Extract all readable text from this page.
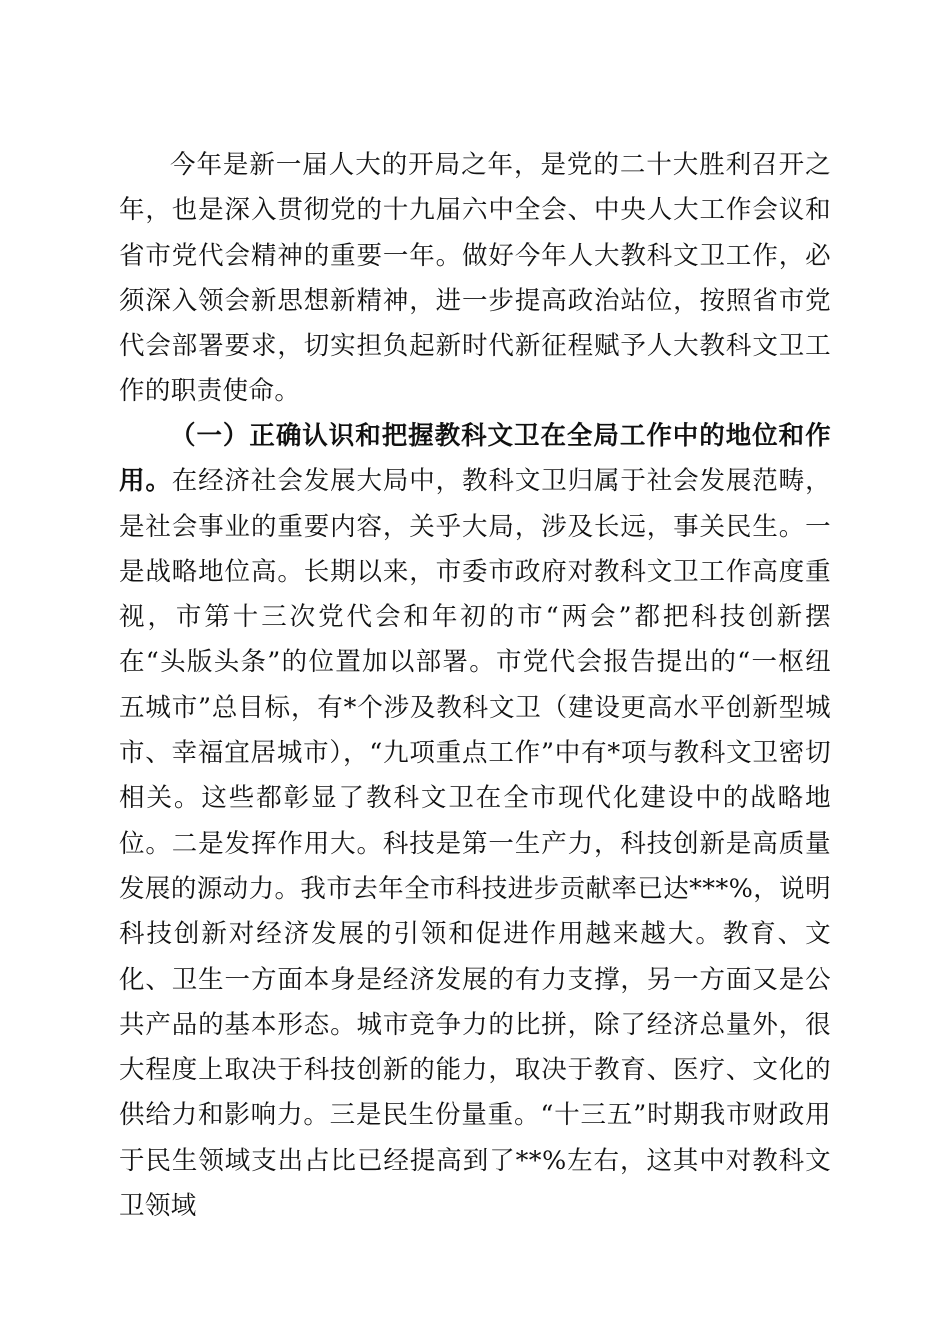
今年是新一届人大的开局之年，是党的二十大胜利召开之年，也是深入贯彻党的十九届六中全会、中央人大工作会议和省市党代会精神的重要一年。做好今年人大教科文卫工作，必须深入领会新思想新精神，进一步提高政治站位，按照省市党代会部署要求，切实担负起新时代新征程赋予人大教科文卫工作的职责使命。

（一）正确认识和把握教科文卫在全局工作中的地位和作用。在经济社会发展大局中，教科文卫归属于社会发展范畴，是社会事业的重要内容，关乎大局，涉及长远，事关民生。一是战略地位高。长期以来，市委市政府对教科文卫工作高度重视，市第十三次党代会和年初的市“两会”都把科技创新摆在“头版头条”的位置加以部署。市党代会报告提出的“一枢纽五城市”总目标，有*个涉及教科文卫（建设更高水平创新型城市、幸福宜居城市），“九项重点工作”中有*项与教科文卫密切相关。这些都彰显了教科文卫在全市现代化建设中的战略地位。二是发挥作用大。科技是第一生产力，科技创新是高质量发展的源动力。我市去年全市科技进步贡献率已达***%，说明科技创新对经济发展的引领和促进作用越来越大。教育、文化、卫生一方面本身是经济发展的有力支撑，另一方面又是公共产品的基本形态。城市竞争力的比拼，除了经济总量外，很大程度上取决于科技创新的能力，取决于教育、医疗、文化的供给力和影响力。三是民生份量重。“十三五”时期我市财政用于民生领域支出占比已经提高到了**%左右，这其中对教科文卫领域
